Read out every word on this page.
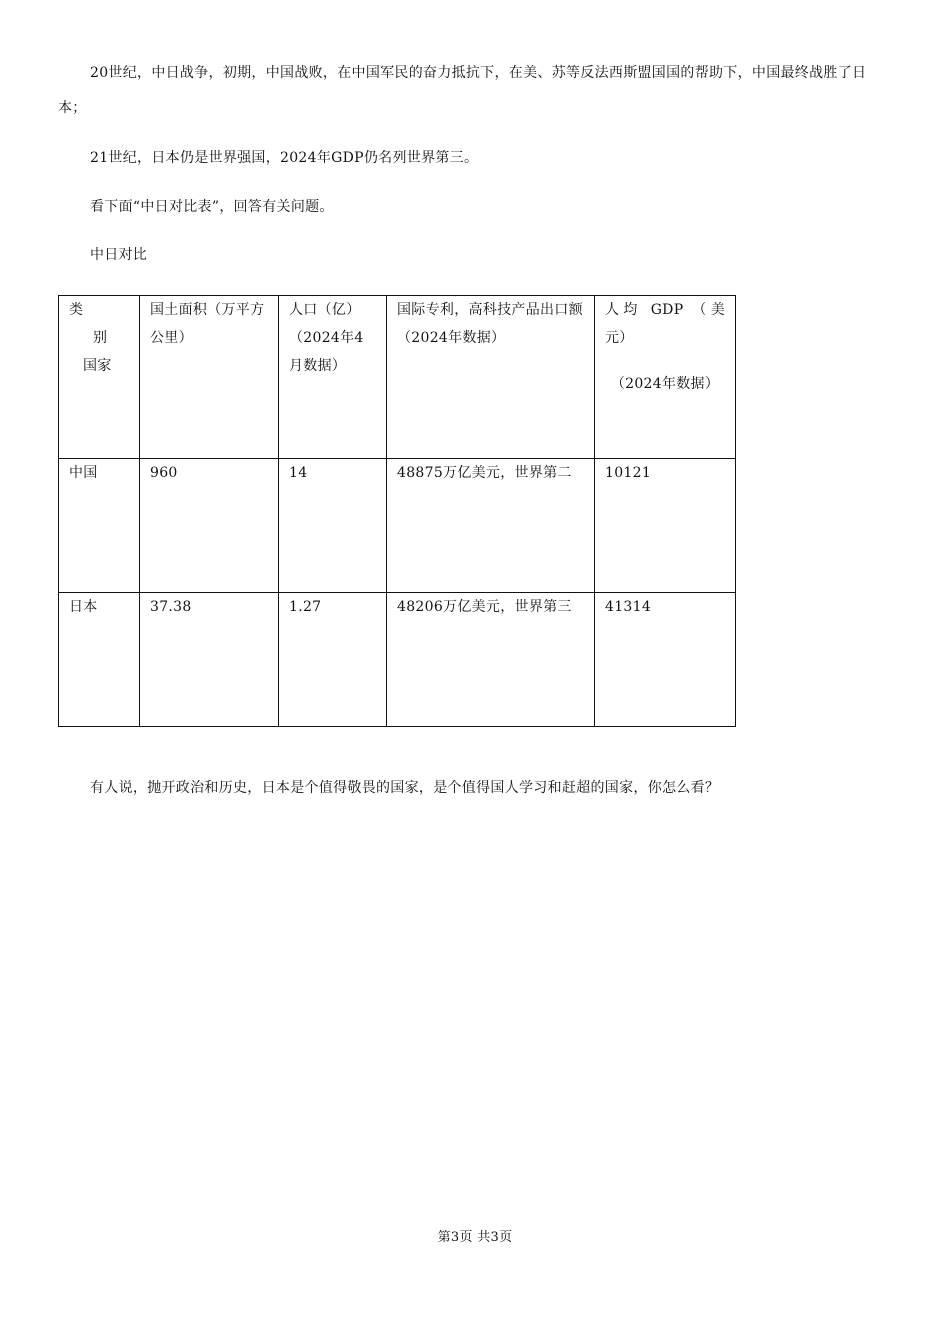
20世纪，中日战争，初期，中国战败，在中国军民的奋力抵抗下，在美、苏等反法西斯盟国国的帮助下，中国最终战胜了日本；

21世纪，日本仍是世界强国，2024年GDP仍名列世界第三。

看下面“中日对比表”，回答有关问题。

中日对比

类
别
国家	国土面积（万平方公里）	人口（亿）（2024年4月数据）	国际专利，高科技产品出口额（2024年数据）	人均 GDP （美
元）
（2024年数据）

中国	960	14	48875万亿美元，世界第二	10121
日本	37.38	1.27	48206万亿美元，世界第三	41314

有人说，抛开政治和历史，日本是个值得敬畏的国家，是个值得国人学习和赶超的国家，你怎么看？

第3页 共3页
